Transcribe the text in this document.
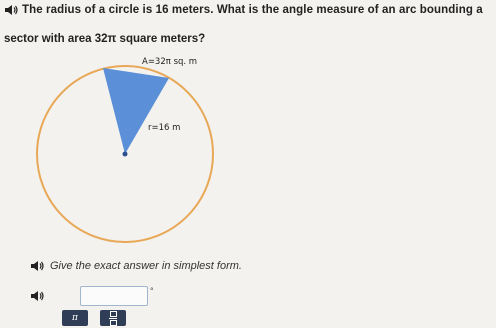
The radius of a circle is 16 meters. What is the angle measure of an arc bounding a
sector with area 32π square meters?
A=32π sq. m
r=16 m
Give the exact answer in simplest form.
°
π
